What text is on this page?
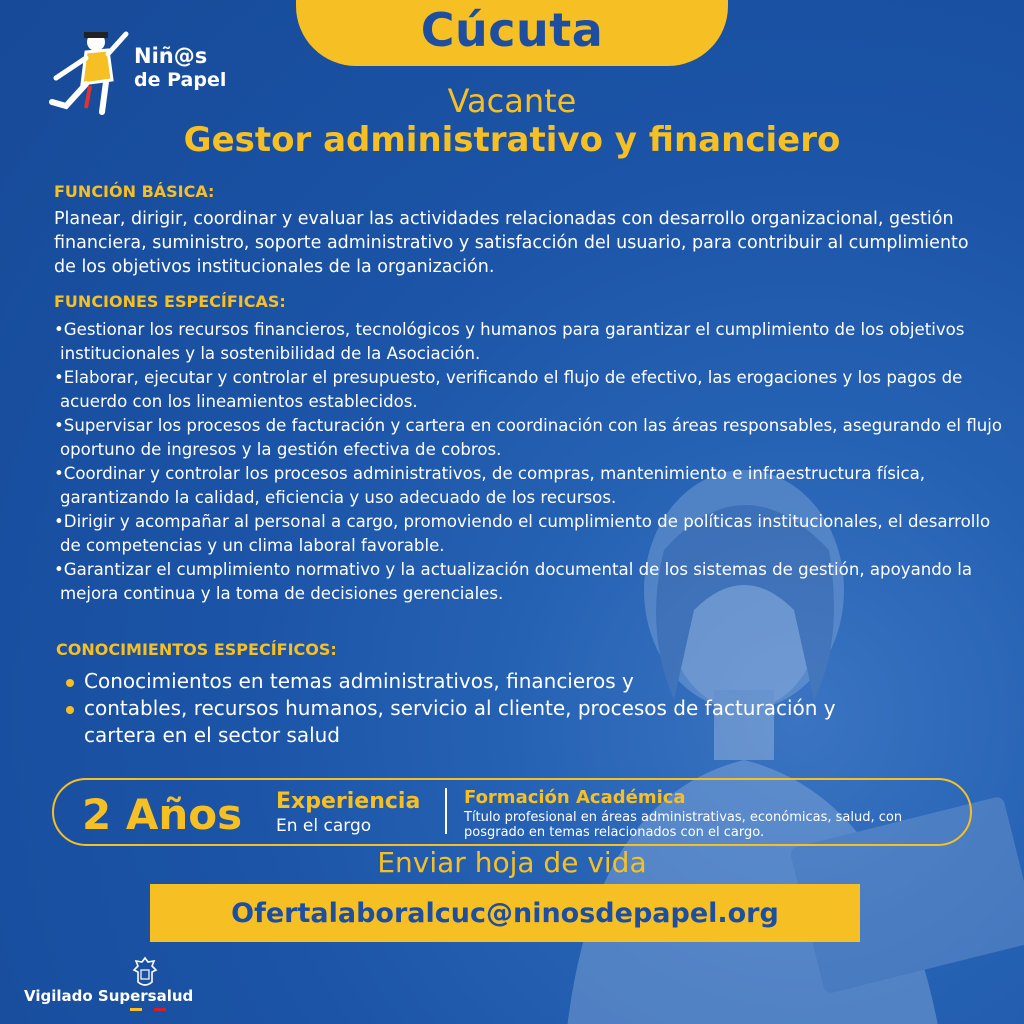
Cúcuta
Niñ@s
de Papel
Vacante
Gestor administrativo y financiero
FUNCIÓN BÁSICA:
Planear, dirigir, coordinar y evaluar las actividades relacionadas con desarrollo organizacional, gestión financiera, suministro, soporte administrativo y satisfacción del usuario, para contribuir al cumplimiento de los objetivos institucionales de la organización.
FUNCIONES ESPECÍFICAS:

•Gestionar los recursos financieros, tecnológicos y humanos para garantizar el cumplimiento de los objetivos institucionales y la sostenibilidad de la Asociación.

•Elaborar, ejecutar y controlar el presupuesto, verificando el flujo de efectivo, las erogaciones y los pagos de acuerdo con los lineamientos establecidos.

•Supervisar los procesos de facturación y cartera en coordinación con las áreas responsables, asegurando el flujo oportuno de ingresos y la gestión efectiva de cobros.

•Coordinar y controlar los procesos administrativos, de compras, mantenimiento e infraestructura física, garantizando la calidad, eficiencia y uso adecuado de los recursos.

•Dirigir y acompañar al personal a cargo, promoviendo el cumplimiento de políticas institucionales, el desarrollo de competencias y un clima laboral favorable.

•Garantizar el cumplimiento normativo y la actualización documental de los sistemas de gestión, apoyando la mejora continua y la toma de decisiones gerenciales.

CONOCIMIENTOS ESPECÍFICOS:
Conocimientos en temas administrativos, financieros y
contables, recursos humanos, servicio al cliente, procesos de facturación y
cartera en el sector salud
2 Años Experiencia
En el cargo
Formación Académica
Título profesional en áreas administrativas, económicas, salud, con posgrado en temas relacionados con el cargo.
Enviar hoja de vida
Ofertalaboralcuc@ninosdepapel.org
Vigilado Supersalud
